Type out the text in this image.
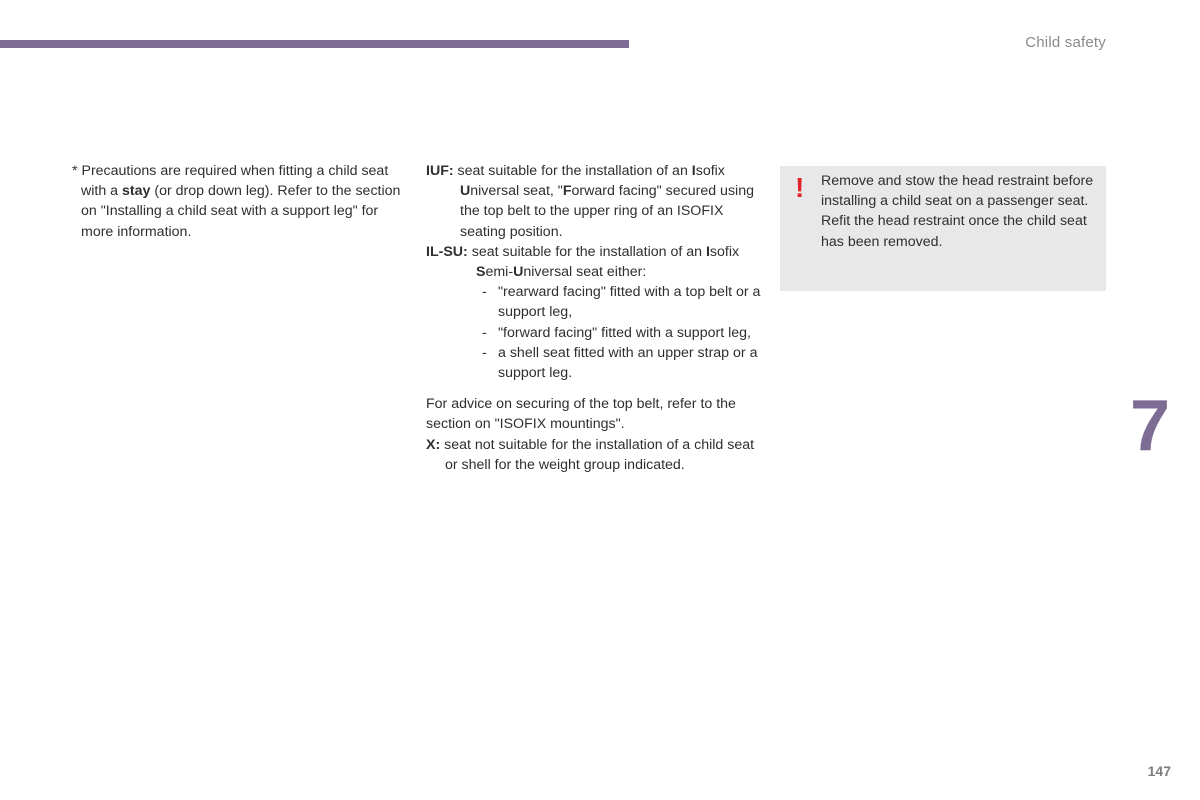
Child safety

* Precautions are required when fitting a child seat with a stay (or drop down leg). Refer to the section on "Installing a child seat with a support leg" for more information.

IUF: seat suitable for the installation of an Isofix Universal seat, "Forward facing" secured using the top belt to the upper ring of an ISOFIX seating position.

IL-SU: seat suitable for the installation of an Isofix Semi-Universal seat either:

- "rearward facing" fitted with a top belt or a support leg,
- "forward facing" fitted with a support leg,
- a shell seat fitted with an upper strap or a support leg.

For advice on securing of the top belt, refer to the section on "ISOFIX mountings".

X: seat not suitable for the installation of a child seat or shell for the weight group indicated.

! Remove and stow the head restraint before installing a child seat on a passenger seat. Refit the head restraint once the child seat has been removed.
7
147
